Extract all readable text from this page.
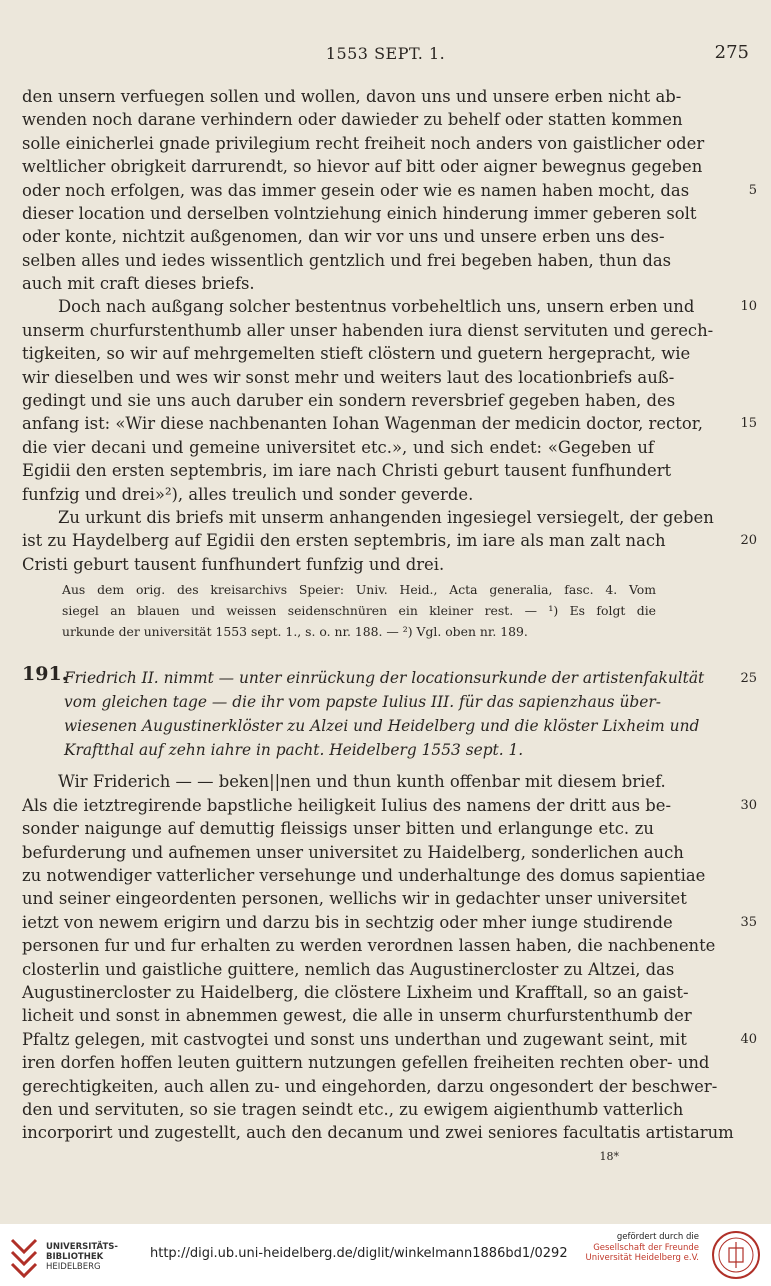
1553 SEPT. 1.	275
den unsern verfuegen sollen und wollen, davon uns und unsere erben nicht ab-
wenden noch darane verhindern oder dawieder zu behelf oder statten kommen
solle einicherlei gnade privilegium recht freiheit noch anders von gaistlicher oder
weltlicher obrigkeit darrurendt, so hievor auf bitt oder aigner bewegnus gegeben
oder noch erfolgen, was das immer gesein oder wie es namen haben mocht, das
dieser location und derselben volntziehung einich hinderung immer geberen solt
oder konte, nichtzit außgenomen, dan wir vor uns und unsere erben uns des-
selben alles und iedes wissentlich gentzlich und frei begeben haben, thun das
auch mit craft dieses briefs.
Doch nach außgang solcher bestentnus vorbeheltlich uns, unsern erben und
unserm churfurstenthumb aller unser habenden iura dienst servituten und gerech-
tigkeiten, so wir auf mehrgemelten stieft clöstern und guetern hergepracht, wie
wir dieselben und wes wir sonst mehr und weiters laut des locationbriefs auß-
gedingt und sie uns auch daruber ein sondern reversbrief gegeben haben, des
anfang ist: «Wir diese nachbenanten Iohan Wagenman der medicin doctor, rector,
die vier decani und gemeine universitet etc.», und sich endet: «Gegeben uf
Egidii den ersten septembris, im iare nach Christi geburt tausent funfhundert
funfzig und drei»²), alles treulich und sonder geverde.
Zu urkunt dis briefs mit unserm anhangenden ingesiegel versiegelt, der geben
ist zu Haydelberg auf Egidii den ersten septembris, im iare als man zalt nach
Cristi geburt tausent funfhundert funfzig und drei.
Aus dem orig. des kreisarchivs Speier: Univ. Heid., Acta generalia, fasc. 4. Vom
siegel an blauen und weissen seidenschnüren ein kleiner rest. — ¹) Es folgt die
urkunde der universität 1553 sept. 1., s. o. nr. 188. — ²) Vgl. oben nr. 189.
191.
Friedrich II. nimmt — unter einrückung der locationsurkunde der artistenfakultät
vom gleichen tage — die ihr vom papste Iulius III. für das sapienzhaus über-
wiesenen Augustinerklöster zu Alzei und Heidelberg und die klöster Lixheim und
Kraftthal auf zehn iahre in pacht. Heidelberg 1553 sept. 1.
Wir Friderich — — beken||nen und thun kunth offenbar mit diesem brief.
Als die ietztregirende bapstliche heiligkeit Iulius des namens der dritt aus be-
sonder naigunge auf demuttig fleissigs unser bitten und erlangunge etc. zu
befurderung und aufnemen unser universitet zu Haidelberg, sonderlichen auch
zu notwendiger vatterlicher versehunge und underhaltunge des domus sapientiae
und seiner eingeordenten personen, wellichs wir in gedachter unser universitet
ietzt von newem erigirn und darzu bis in sechtzig oder mher iunge studirende
personen fur und fur erhalten zu werden verordnen lassen haben, die nachbenente
closterlin und gaistliche guittere, nemlich das Augustinercloster zu Altzei, das
Augustinercloster zu Haidelberg, die clöstere Lixheim und Krafftall, so an gaist-
licheit und sonst in abnemmen gewest, die alle in unserm churfurstenthumb der
Pfaltz gelegen, mit castvogtei und sonst uns underthan und zugewant seint, mit
iren dorfen hoffen leuten guittern nutzungen gefellen freiheiten rechten ober- und
gerechtigkeiten, auch allen zu- und eingehorden, darzu ongesondert der beschwer-
den und servituten, so sie tragen seindt etc., zu ewigem aigienthumb vatterlich
incorporirt und zugestellt, auch den decanum und zwei seniores facultatis artistarum
5
10
15
20
25
30
35
40
18*
UNIVERSITÄTS-
BIBLIOTHEK
HEIDELBERG
http://digi.ub.uni-heidelberg.de/diglit/winkelmann1886bd1/0292
gefördert durch die
Gesellschaft der Freunde
Universität Heidelberg e.V.
